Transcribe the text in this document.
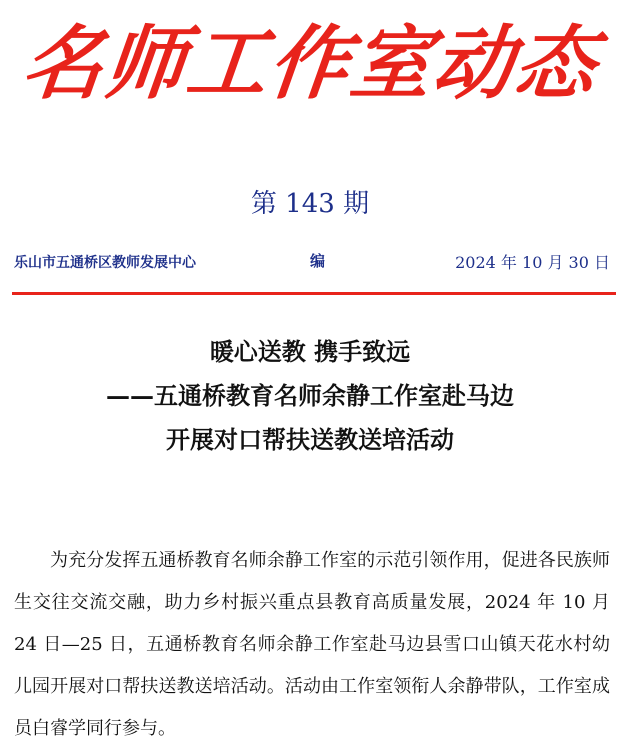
名师工作室动态
第 143 期
乐山市五通桥区教师发展中心	编	2024 年 10 月 30 日
暖心送教 携手致远
——五通桥教育名师余静工作室赴马边
开展对口帮扶送教送培活动

为充分发挥五通桥教育名师余静工作室的示范引领作用，促进各民族师生交往交流交融，助力乡村振兴重点县教育高质量发展，2024 年 10 月 24 日—25 日，五通桥教育名师余静工作室赴马边县雪口山镇天花水村幼儿园开展对口帮扶送教送培活动。活动由工作室领衔人余静带队，工作室成员白睿学同行参与。
